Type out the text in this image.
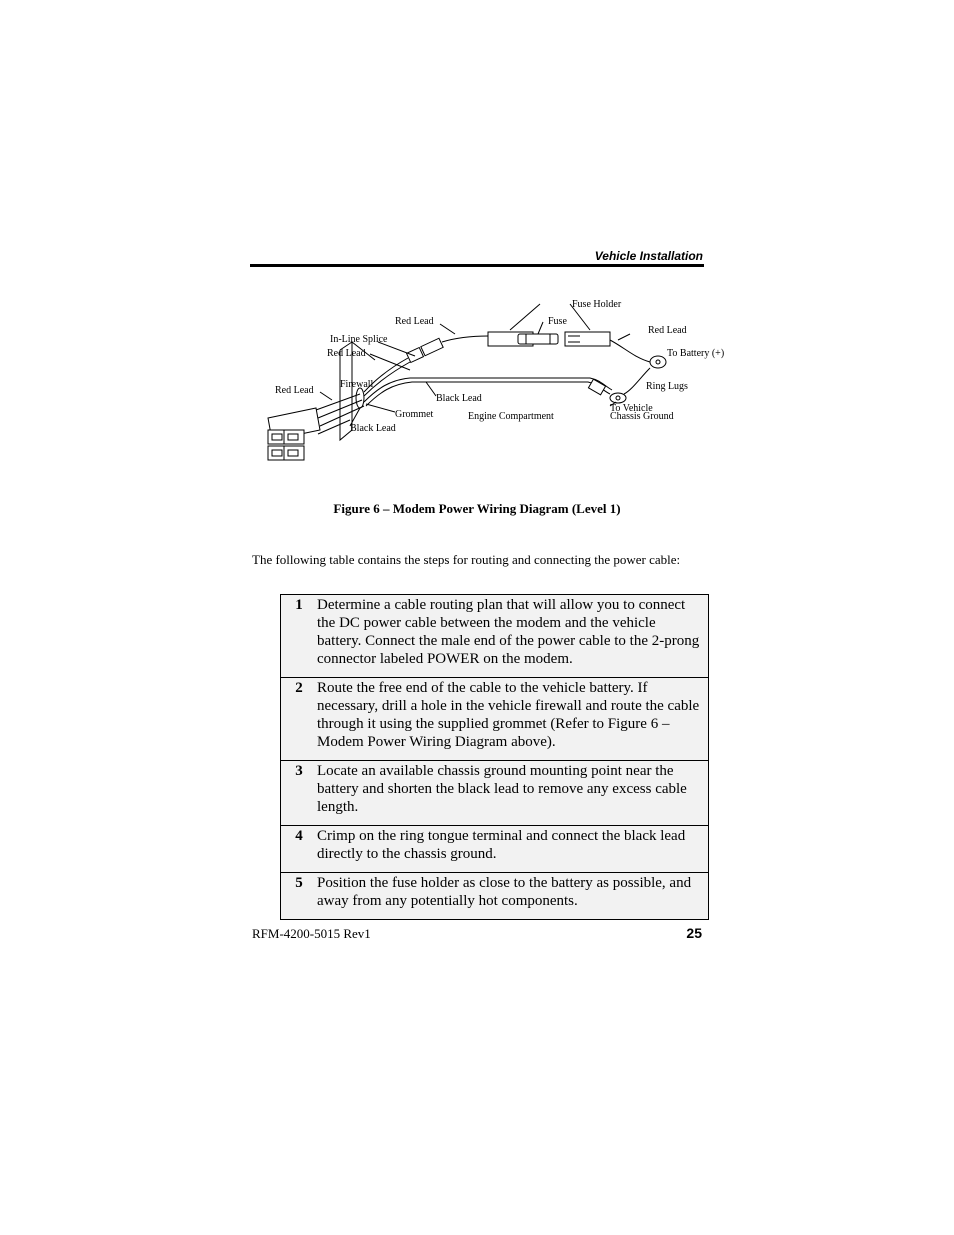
Vehicle Installation
Fuse Holder
Fuse
Red Lead
Red Lead
In-Line Splice
Red Lead	To Battery (+)
Red Lead
Firewall
Black Lead
Ring Lugs
Grommet	Engine Compartment
To Vehicle
Chassis Ground
Black Lead
Figure 6 – Modem Power Wiring Diagram (Level 1)
The following table contains the steps for routing and connecting the power cable:
1	Determine a cable routing plan that will allow you to connect the DC power cable between the modem and the vehicle battery. Connect the male end of the power cable to the 2-prong connector labeled POWER on the modem.
2	Route the free end of the cable to the vehicle battery. If necessary, drill a hole in the vehicle firewall and route the cable through it using the supplied grommet (Refer to Figure 6 – Modem Power Wiring Diagram above).
3	Locate an available chassis ground mounting point near the battery and shorten the black lead to remove any excess cable length.
4	Crimp on the ring tongue terminal and connect the black lead directly to the chassis ground.
5	Position the fuse holder as close to the battery as possible, and away from any potentially hot components.
RFM-4200-5015 Rev1	25
